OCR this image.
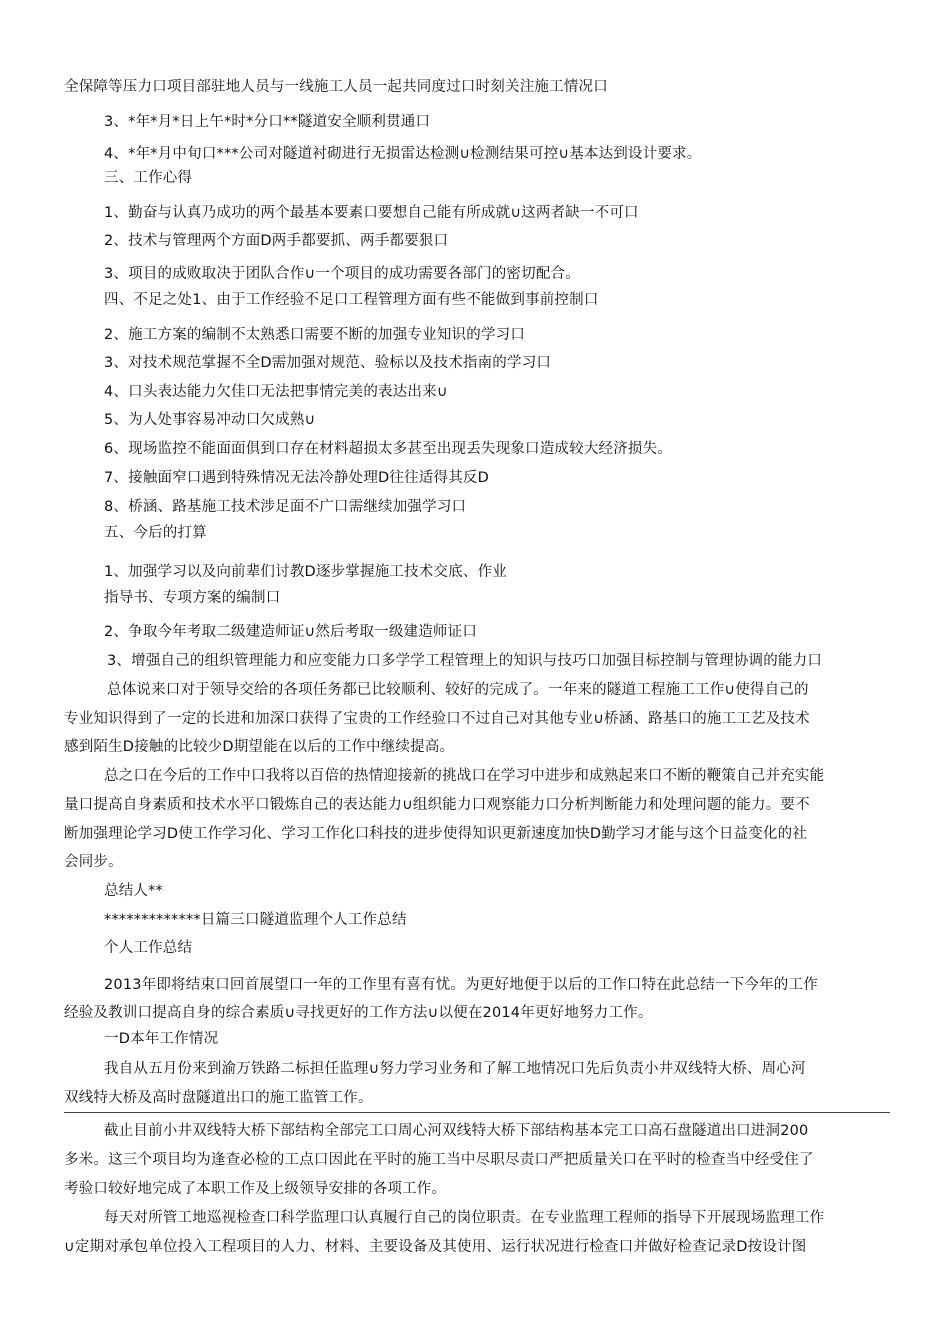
全保障等压力口项目部驻地人员与一线施工人员一起共同度过口时刻关注施工情况口
3、*年*月*日上午*时*分口**隧道安全顺利贯通口
4、*年*月中旬口***公司对隧道衬砌进行无损雷达检测∪检测结果可控∪基本达到设计要求。
三、工作心得
1、勤奋与认真乃成功的两个最基本要素口要想自己能有所成就∪这两者缺一不可口
2、技术与管理两个方面D两手都要抓、两手都要狠口
3、项目的成败取决于团队合作∪一个项目的成功需要各部门的密切配合。
四、不足之处1、由于工作经验不足口工程管理方面有些不能做到事前控制口
2、施工方案的编制不太熟悉口需要不断的加强专业知识的学习口
3、对技术规范掌握不全D需加强对规范、验标以及技术指南的学习口
4、口头表达能力欠佳口无法把事情完美的表达出来∪
5、为人处事容易冲动口欠成熟∪
6、现场监控不能面面俱到口存在材料超损太多甚至出现丢失现象口造成较大经济损失。
7、接触面窄口遇到特殊情况无法冷静处理D往往适得其反D
8、桥涵、路基施工技术涉足面不广口需继续加强学习口
五、今后的打算
1、加强学习以及向前辈们讨教D逐步掌握施工技术交底、作业
指导书、专项方案的编制口
2、争取今年考取二级建造师证∪然后考取一级建造师证口
3、增强自己的组织管理能力和应变能力口多学学工程管理上的知识与技巧口加强目标控制与管理协调的能力口
总体说来口对于领导交给的各项任务都已比较顺利、较好的完成了。一年来的隧道工程施工工作∪使得自己的
专业知识得到了一定的长进和加深口获得了宝贵的工作经验口不过自己对其他专业∪桥涵、路基口的施工工艺及技术
感到陌生D接触的比较少D期望能在以后的工作中继续提高。
总之口在今后的工作中口我将以百倍的热情迎接新的挑战口在学习中进步和成熟起来口不断的鞭策自己并充实能
量口提高自身素质和技术水平口锻炼自己的表达能力∪组织能力口观察能力口分析判断能力和处理问题的能力。要不
断加强理论学习D使工作学习化、学习工作化口科技的进步使得知识更新速度加快D勤学习才能与这个日益变化的社
会同步。
总结人**
*************日篇三口隧道监理个人工作总结
个人工作总结
2013年即将结束口回首展望口一年的工作里有喜有忧。为更好地便于以后的工作口特在此总结一下今年的工作
经验及教训口提高自身的综合素质∪寻找更好的工作方法∪以便在2014年更好地努力工作。
一D本年工作情况
我自从五月份来到渝万铁路二标担任监理∪努力学习业务和了解工地情况口先后负责小井双线特大桥、周心河
双线特大桥及高时盘隧道出口的施工监管工作。
截止目前小井双线特大桥下部结构全部完工口周心河双线特大桥下部结构基本完工口高石盘隧道出口进洞200
多米。这三个项目均为逢查必检的工点口因此在平时的施工当中尽职尽责口严把质量关口在平时的检查当中经受住了
考验口较好地完成了本职工作及上级领导安排的各项工作。
每天对所管工地巡视检查口科学监理口认真履行自己的岗位职责。在专业监理工程师的指导下开展现场监理工作
∪定期对承包单位投入工程项目的人力、材料、主要设备及其使用、运行状况进行检查口并做好检查记录D按设计图
